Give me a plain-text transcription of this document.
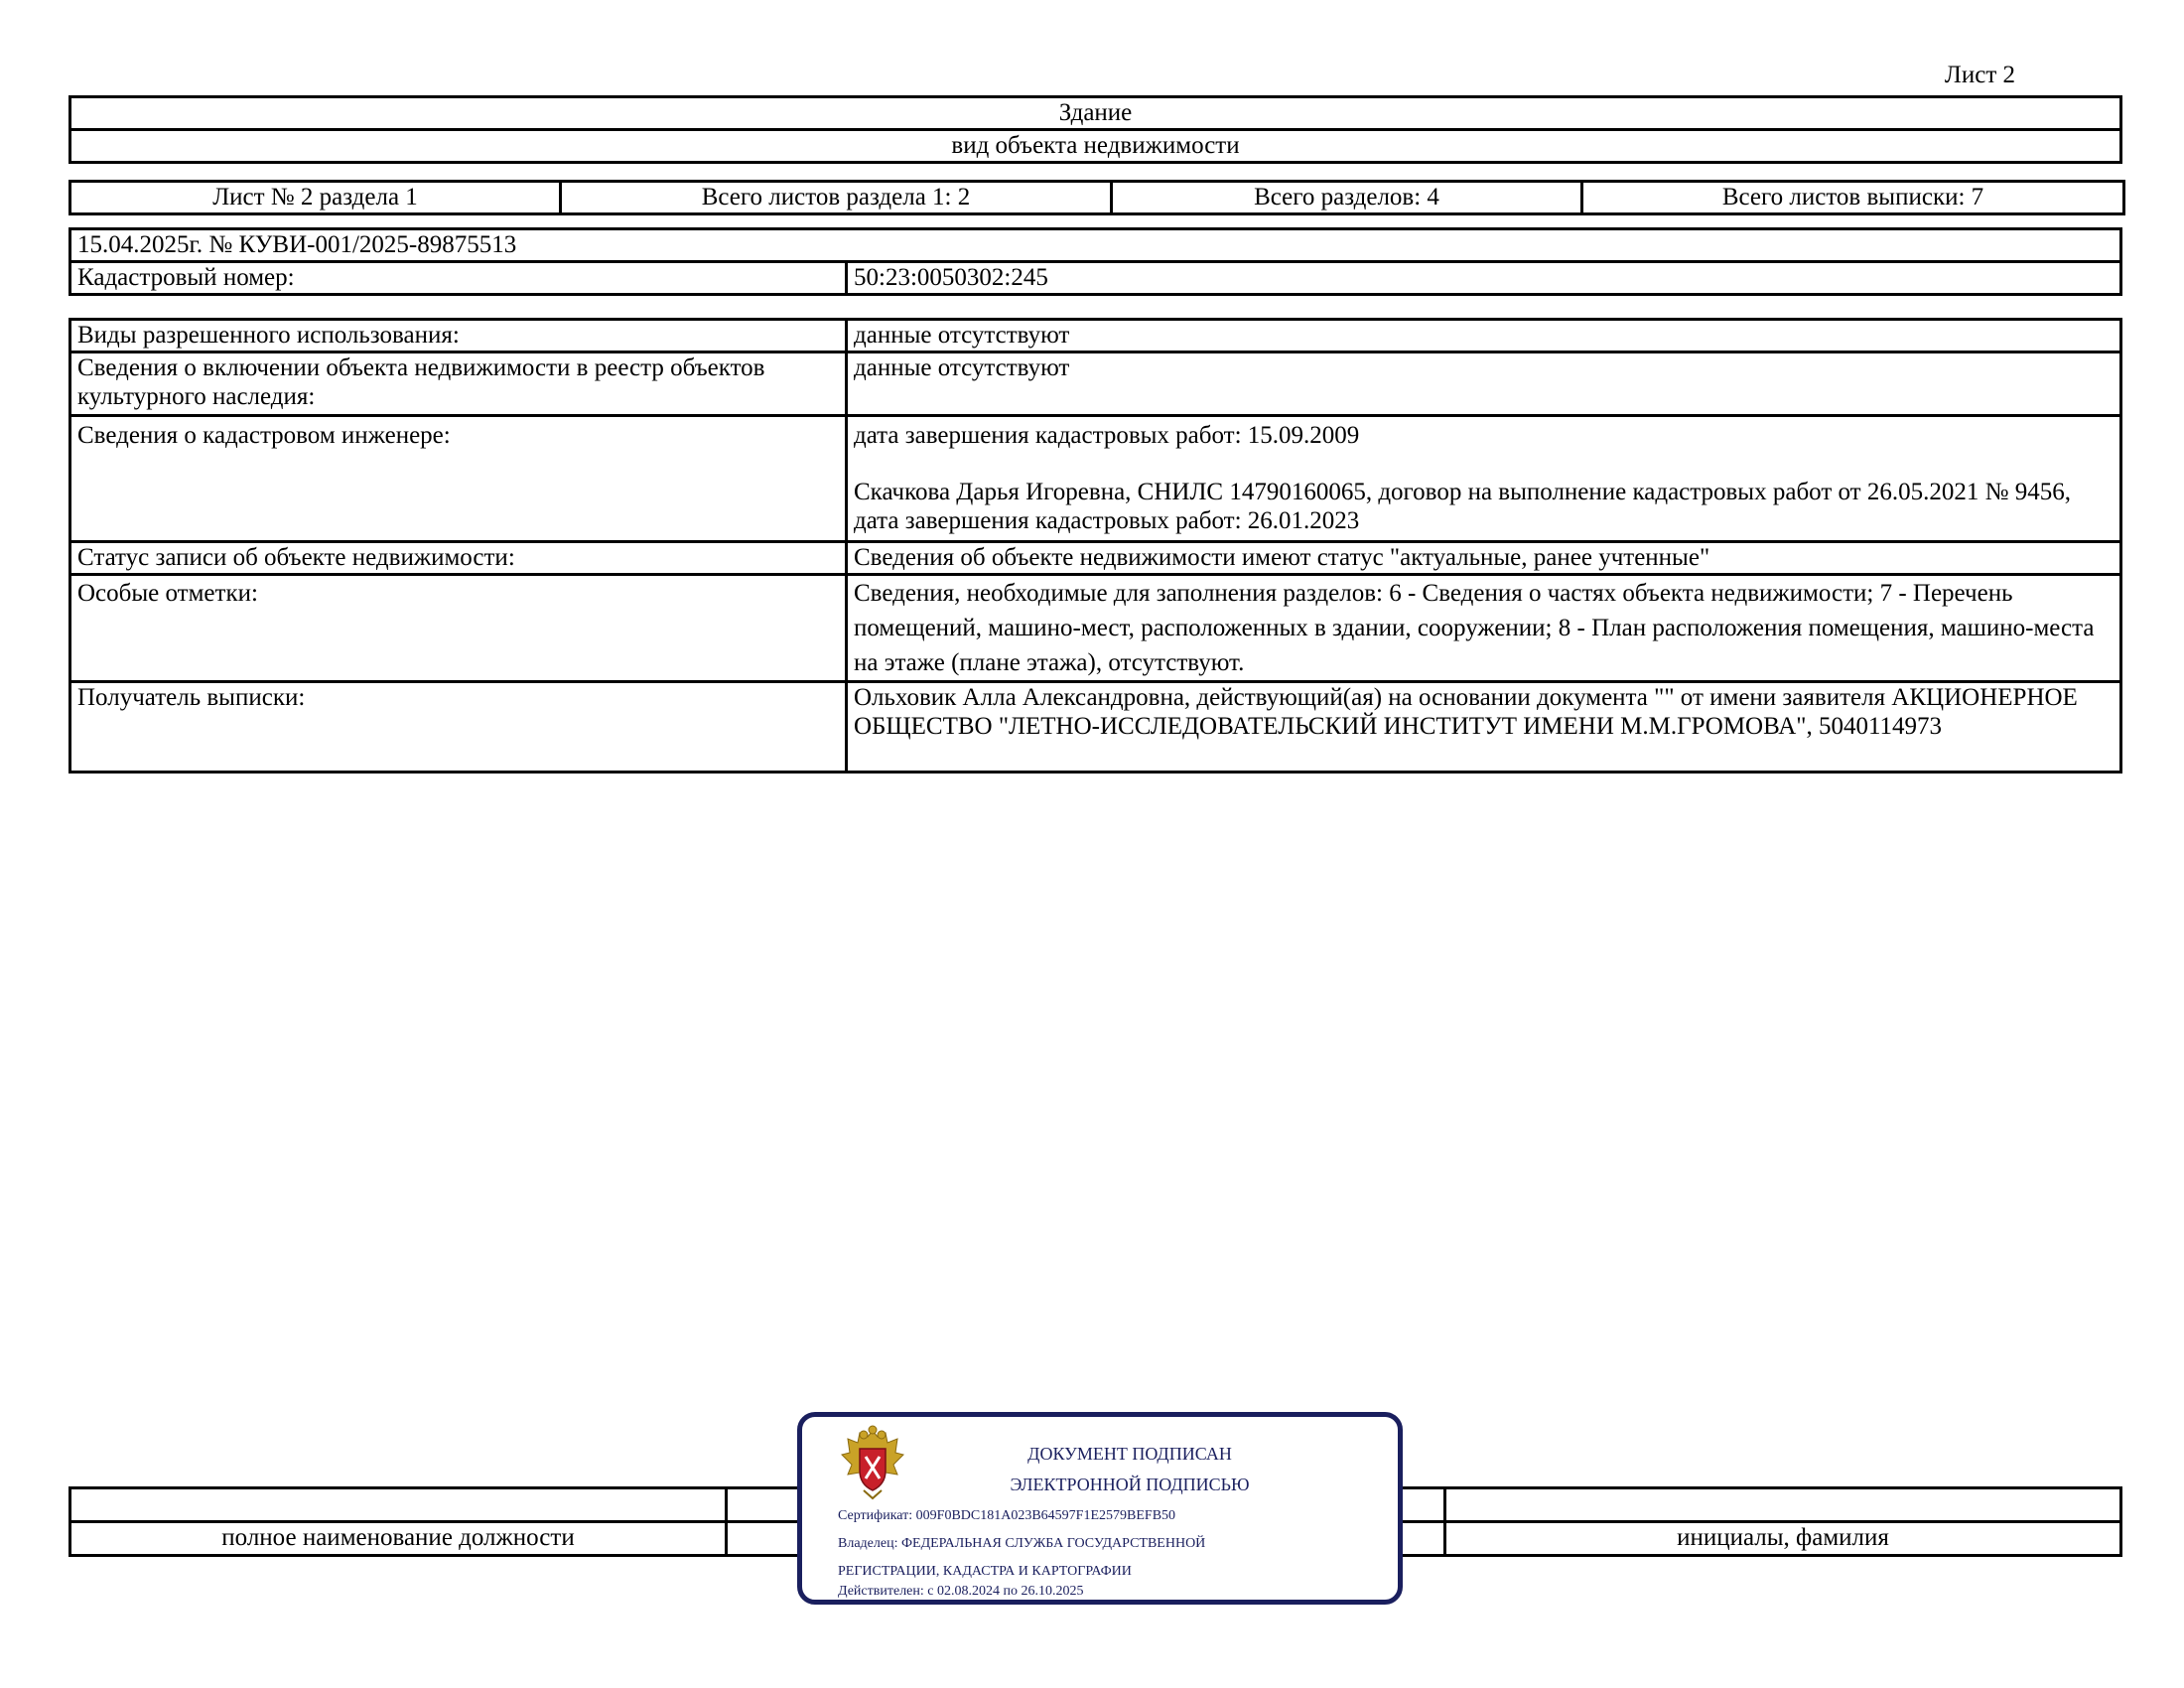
Лист 2
Здание
вид объекта недвижимости
Лист № 2 раздела 1	Всего листов раздела 1: 2	Всего разделов: 4	Всего листов выписки: 7
15.04.2025г. № КУВИ-001/2025-89875513
Кадастровый номер:	50:23:0050302:245
Виды разрешенного использования:	данные отсутствуют
Сведения о включении объекта недвижимости в реестр объектов культурного наследия:	данные отсутствуют
Сведения о кадастровом инженере:	дата завершения кадастровых работ: 15.09.2009
Скачкова Дарья Игоревна, СНИЛС 14790160065, договор на выполнение кадастровых работ от 26.05.2021 № 9456, дата завершения кадастровых работ: 26.01.2023
Статус записи об объекте недвижимости:	Сведения об объекте недвижимости имеют статус "актуальные, ранее учтенные"
Особые отметки:	Сведения, необходимые для заполнения разделов: 6 - Сведения о частях объекта недвижимости; 7 - Перечень помещений, машино-мест, расположенных в здании, сооружении; 8 - План расположения помещения, машино-места на этаже (плане этажа), отсутствуют.
Получатель выписки:	Ольховик Алла Александровна, действующий(ая) на основании документа "" от имени заявителя АКЦИОНЕРНОЕ ОБЩЕСТВО "ЛЕТНО-ИССЛЕДОВАТЕЛЬСКИЙ ИНСТИТУТ ИМЕНИ М.М.ГРОМОВА", 5040114973

полное наименование должности		инициалы, фамилия
ДОКУМЕНТ ПОДПИСАН
ЭЛЕКТРОННОЙ ПОДПИСЬЮ
Сертификат: 009F0BDC181A023B64597F1E2579BEFB50
Владелец: ФЕДЕРАЛЬНАЯ СЛУЖБА ГОСУДАРСТВЕННОЙ
РЕГИСТРАЦИИ, КАДАСТРА И КАРТОГРАФИИ
Действителен: с 02.08.2024 по 26.10.2025
